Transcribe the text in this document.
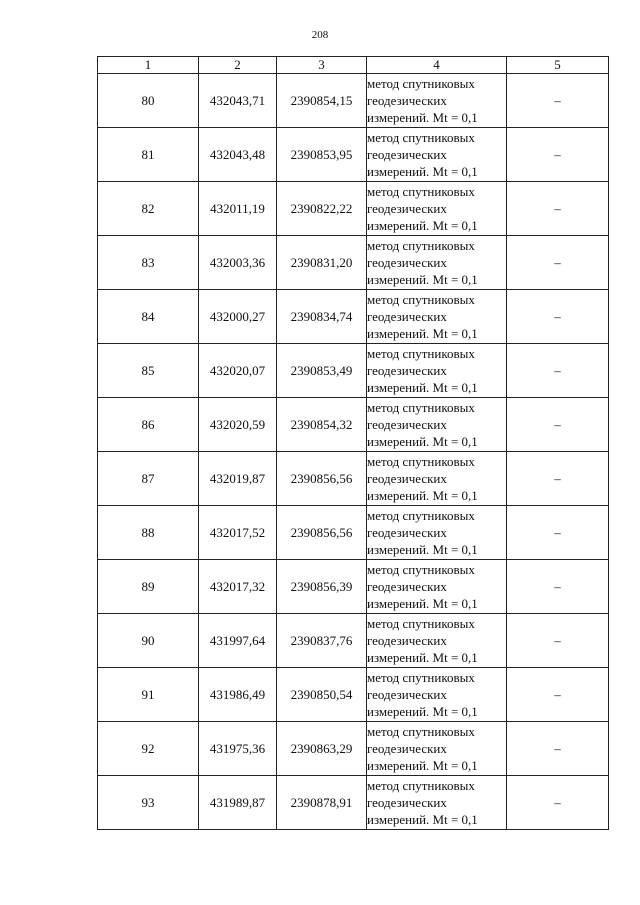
208
1	2	3	4	5
80	432043,71	2390854,15	метод спутниковых
геодезических
измерений. Mt = 0,1	–
81	432043,48	2390853,95	метод спутниковых
геодезических
измерений. Mt = 0,1	–
82	432011,19	2390822,22	метод спутниковых
геодезических
измерений. Mt = 0,1	–
83	432003,36	2390831,20	метод спутниковых
геодезических
измерений. Mt = 0,1	–
84	432000,27	2390834,74	метод спутниковых
геодезических
измерений. Mt = 0,1	–
85	432020,07	2390853,49	метод спутниковых
геодезических
измерений. Mt = 0,1	–
86	432020,59	2390854,32	метод спутниковых
геодезических
измерений. Mt = 0,1	–
87	432019,87	2390856,56	метод спутниковых
геодезических
измерений. Mt = 0,1	–
88	432017,52	2390856,56	метод спутниковых
геодезических
измерений. Mt = 0,1	–
89	432017,32	2390856,39	метод спутниковых
геодезических
измерений. Mt = 0,1	–
90	431997,64	2390837,76	метод спутниковых
геодезических
измерений. Mt = 0,1	–
91	431986,49	2390850,54	метод спутниковых
геодезических
измерений. Mt = 0,1	–
92	431975,36	2390863,29	метод спутниковых
геодезических
измерений. Mt = 0,1	–
93	431989,87	2390878,91	метод спутниковых
геодезических
измерений. Mt = 0,1	–
